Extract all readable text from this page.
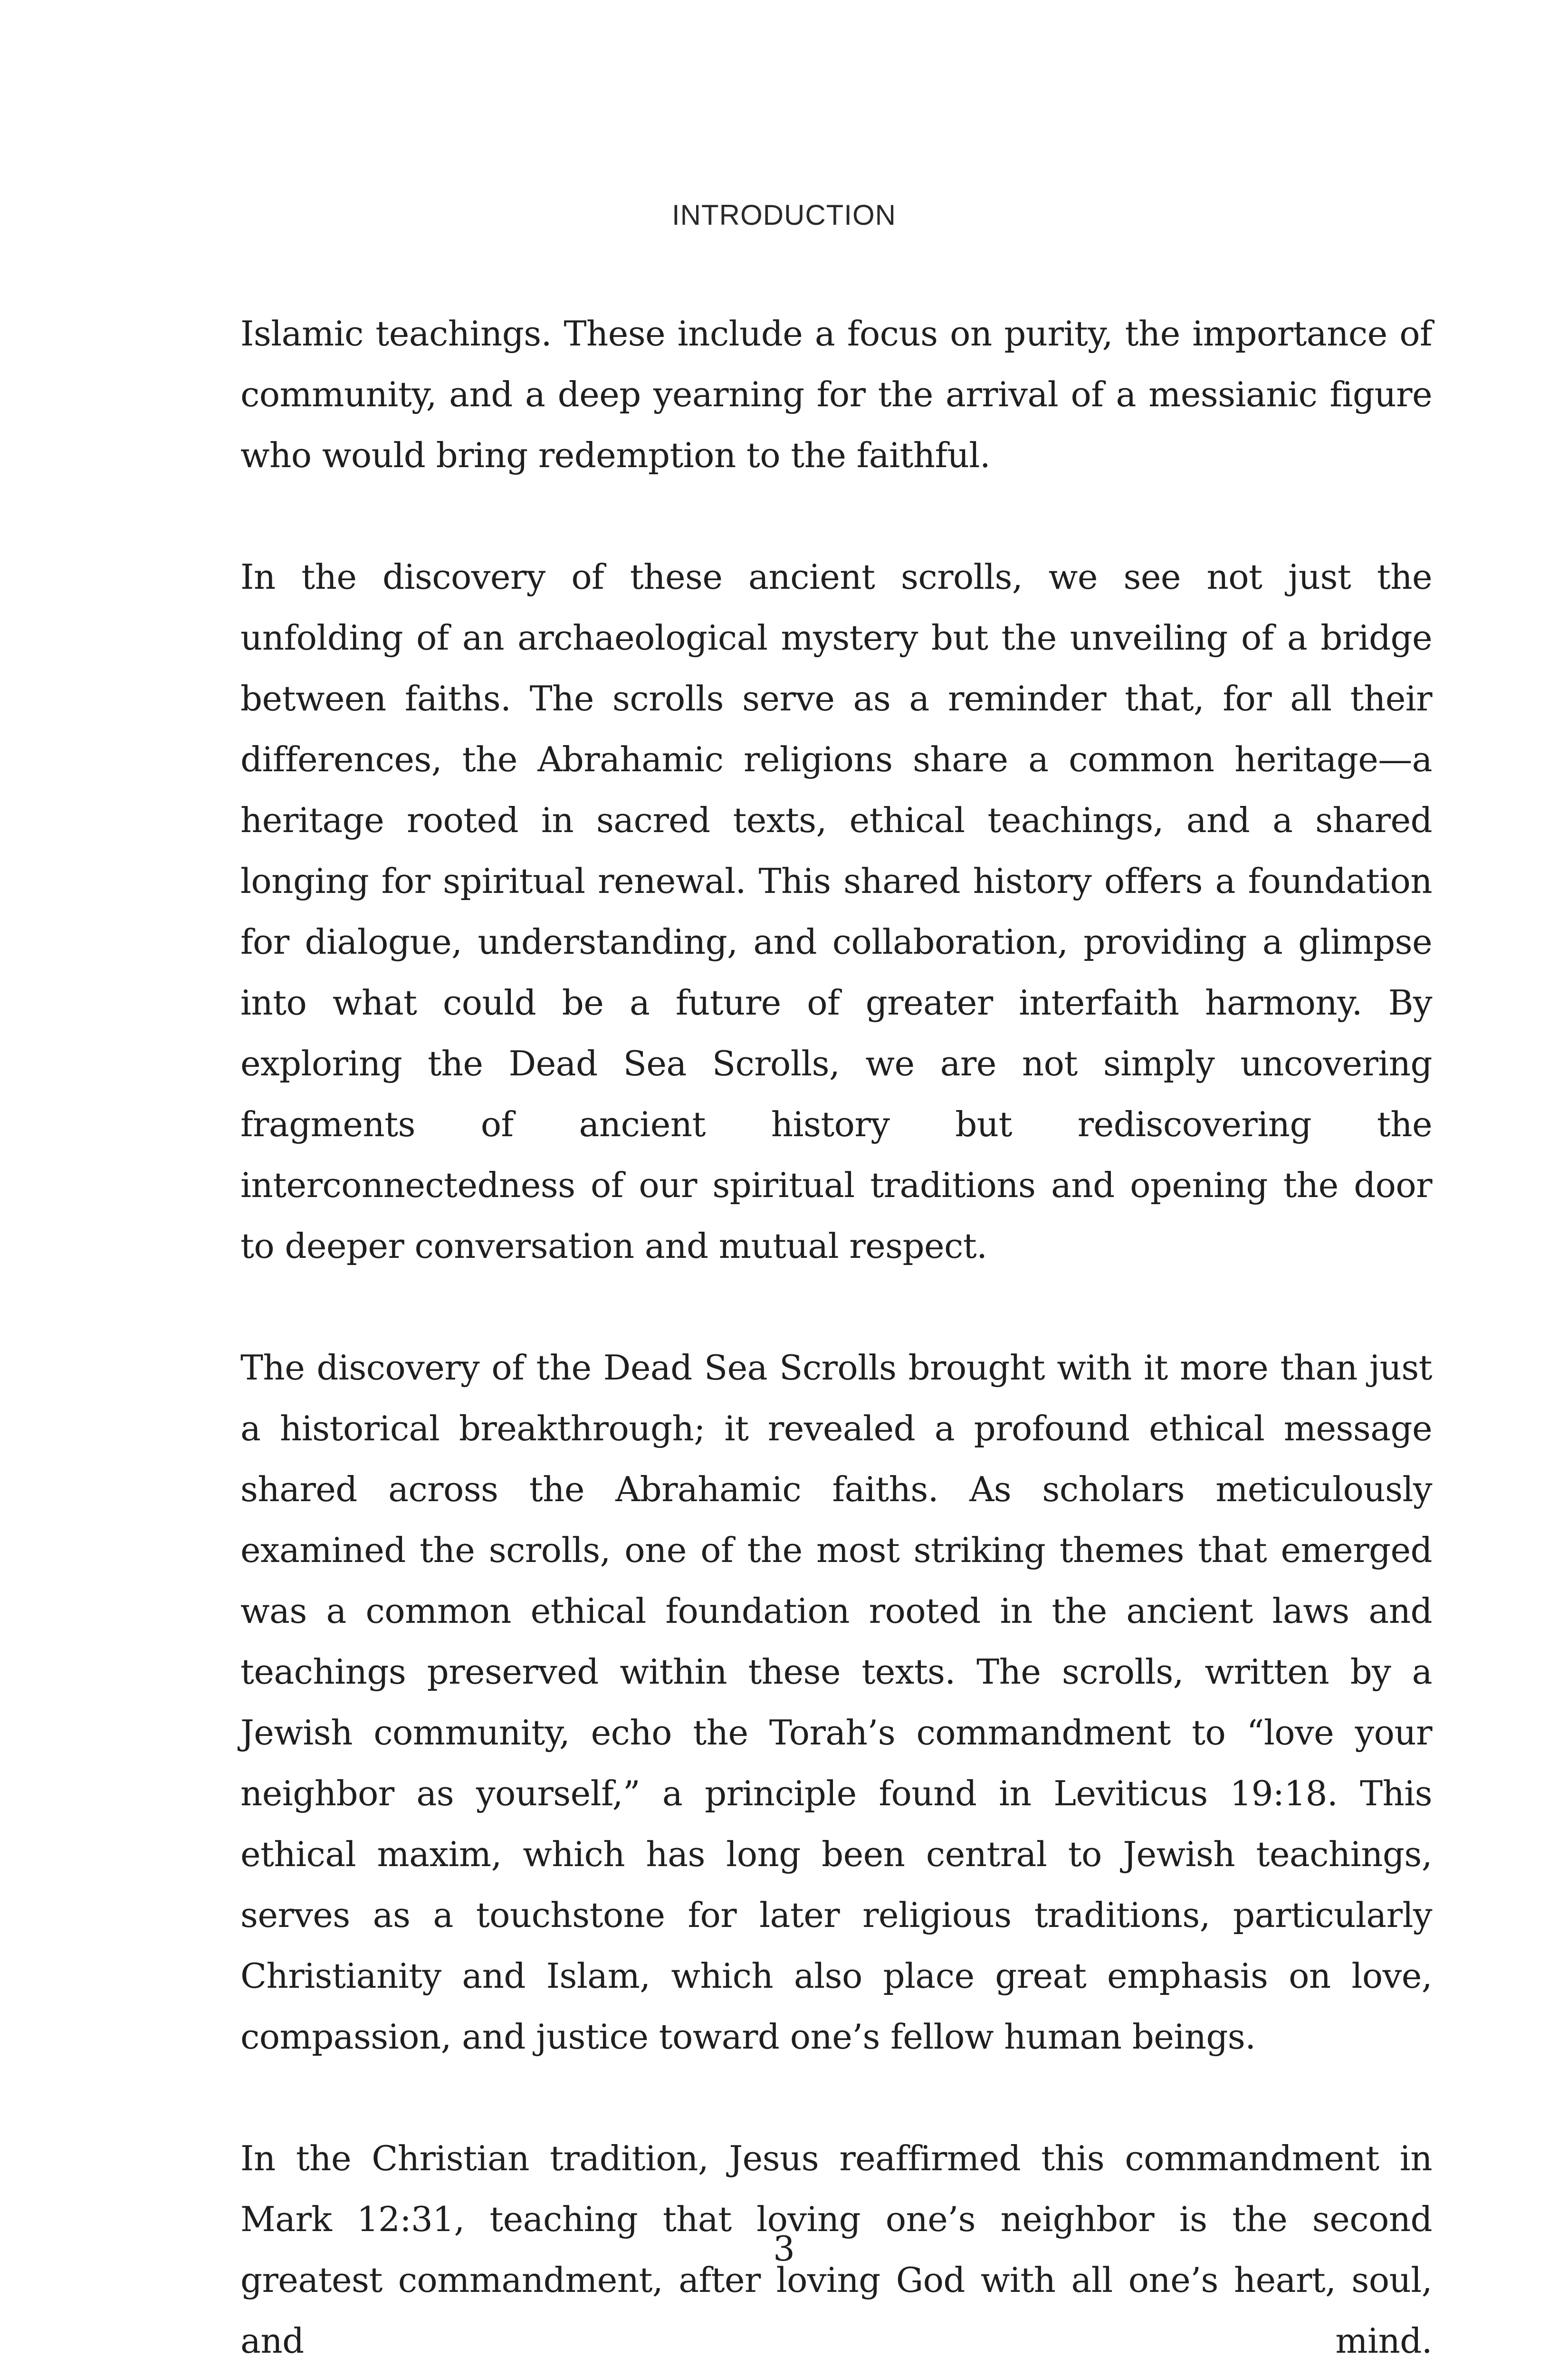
INTRODUCTION

Islamic teachings. These include a focus on purity, the importance of community, and a deep yearning for the arrival of a messianic figure who would bring redemption to the faithful.

In the discovery of these ancient scrolls, we see not just the unfolding of an archaeological mystery but the unveiling of a bridge between faiths. The scrolls serve as a reminder that, for all their differences, the Abrahamic religions share a common heritage—a heritage rooted in sacred texts, ethical teachings, and a shared longing for spiritual renewal. This shared history offers a foundation for dialogue, understanding, and collaboration, providing a glimpse into what could be a future of greater interfaith harmony. By exploring the Dead Sea Scrolls, we are not simply uncovering fragments of ancient history but rediscovering the interconnectedness of our spiritual traditions and opening the door to deeper conversation and mutual respect.

The discovery of the Dead Sea Scrolls brought with it more than just a historical breakthrough; it revealed a profound ethical message shared across the Abrahamic faiths. As scholars meticulously examined the scrolls, one of the most striking themes that emerged was a common ethical foundation rooted in the ancient laws and teachings preserved within these texts. The scrolls, written by a Jewish community, echo the Torah’s commandment to “love your neighbor as yourself,” a principle found in Leviticus 19:18. This ethical maxim, which has long been central to Jewish teachings, serves as a touchstone for later religious traditions, particularly Christianity and Islam, which also place great emphasis on love, compassion, and justice toward one’s fellow human beings.

In the Christian tradition, Jesus reaffirmed this commandment in Mark 12:31, teaching that loving one’s neighbor is the second greatest commandment, after loving God with all one’s heart, soul, and mind.

3
